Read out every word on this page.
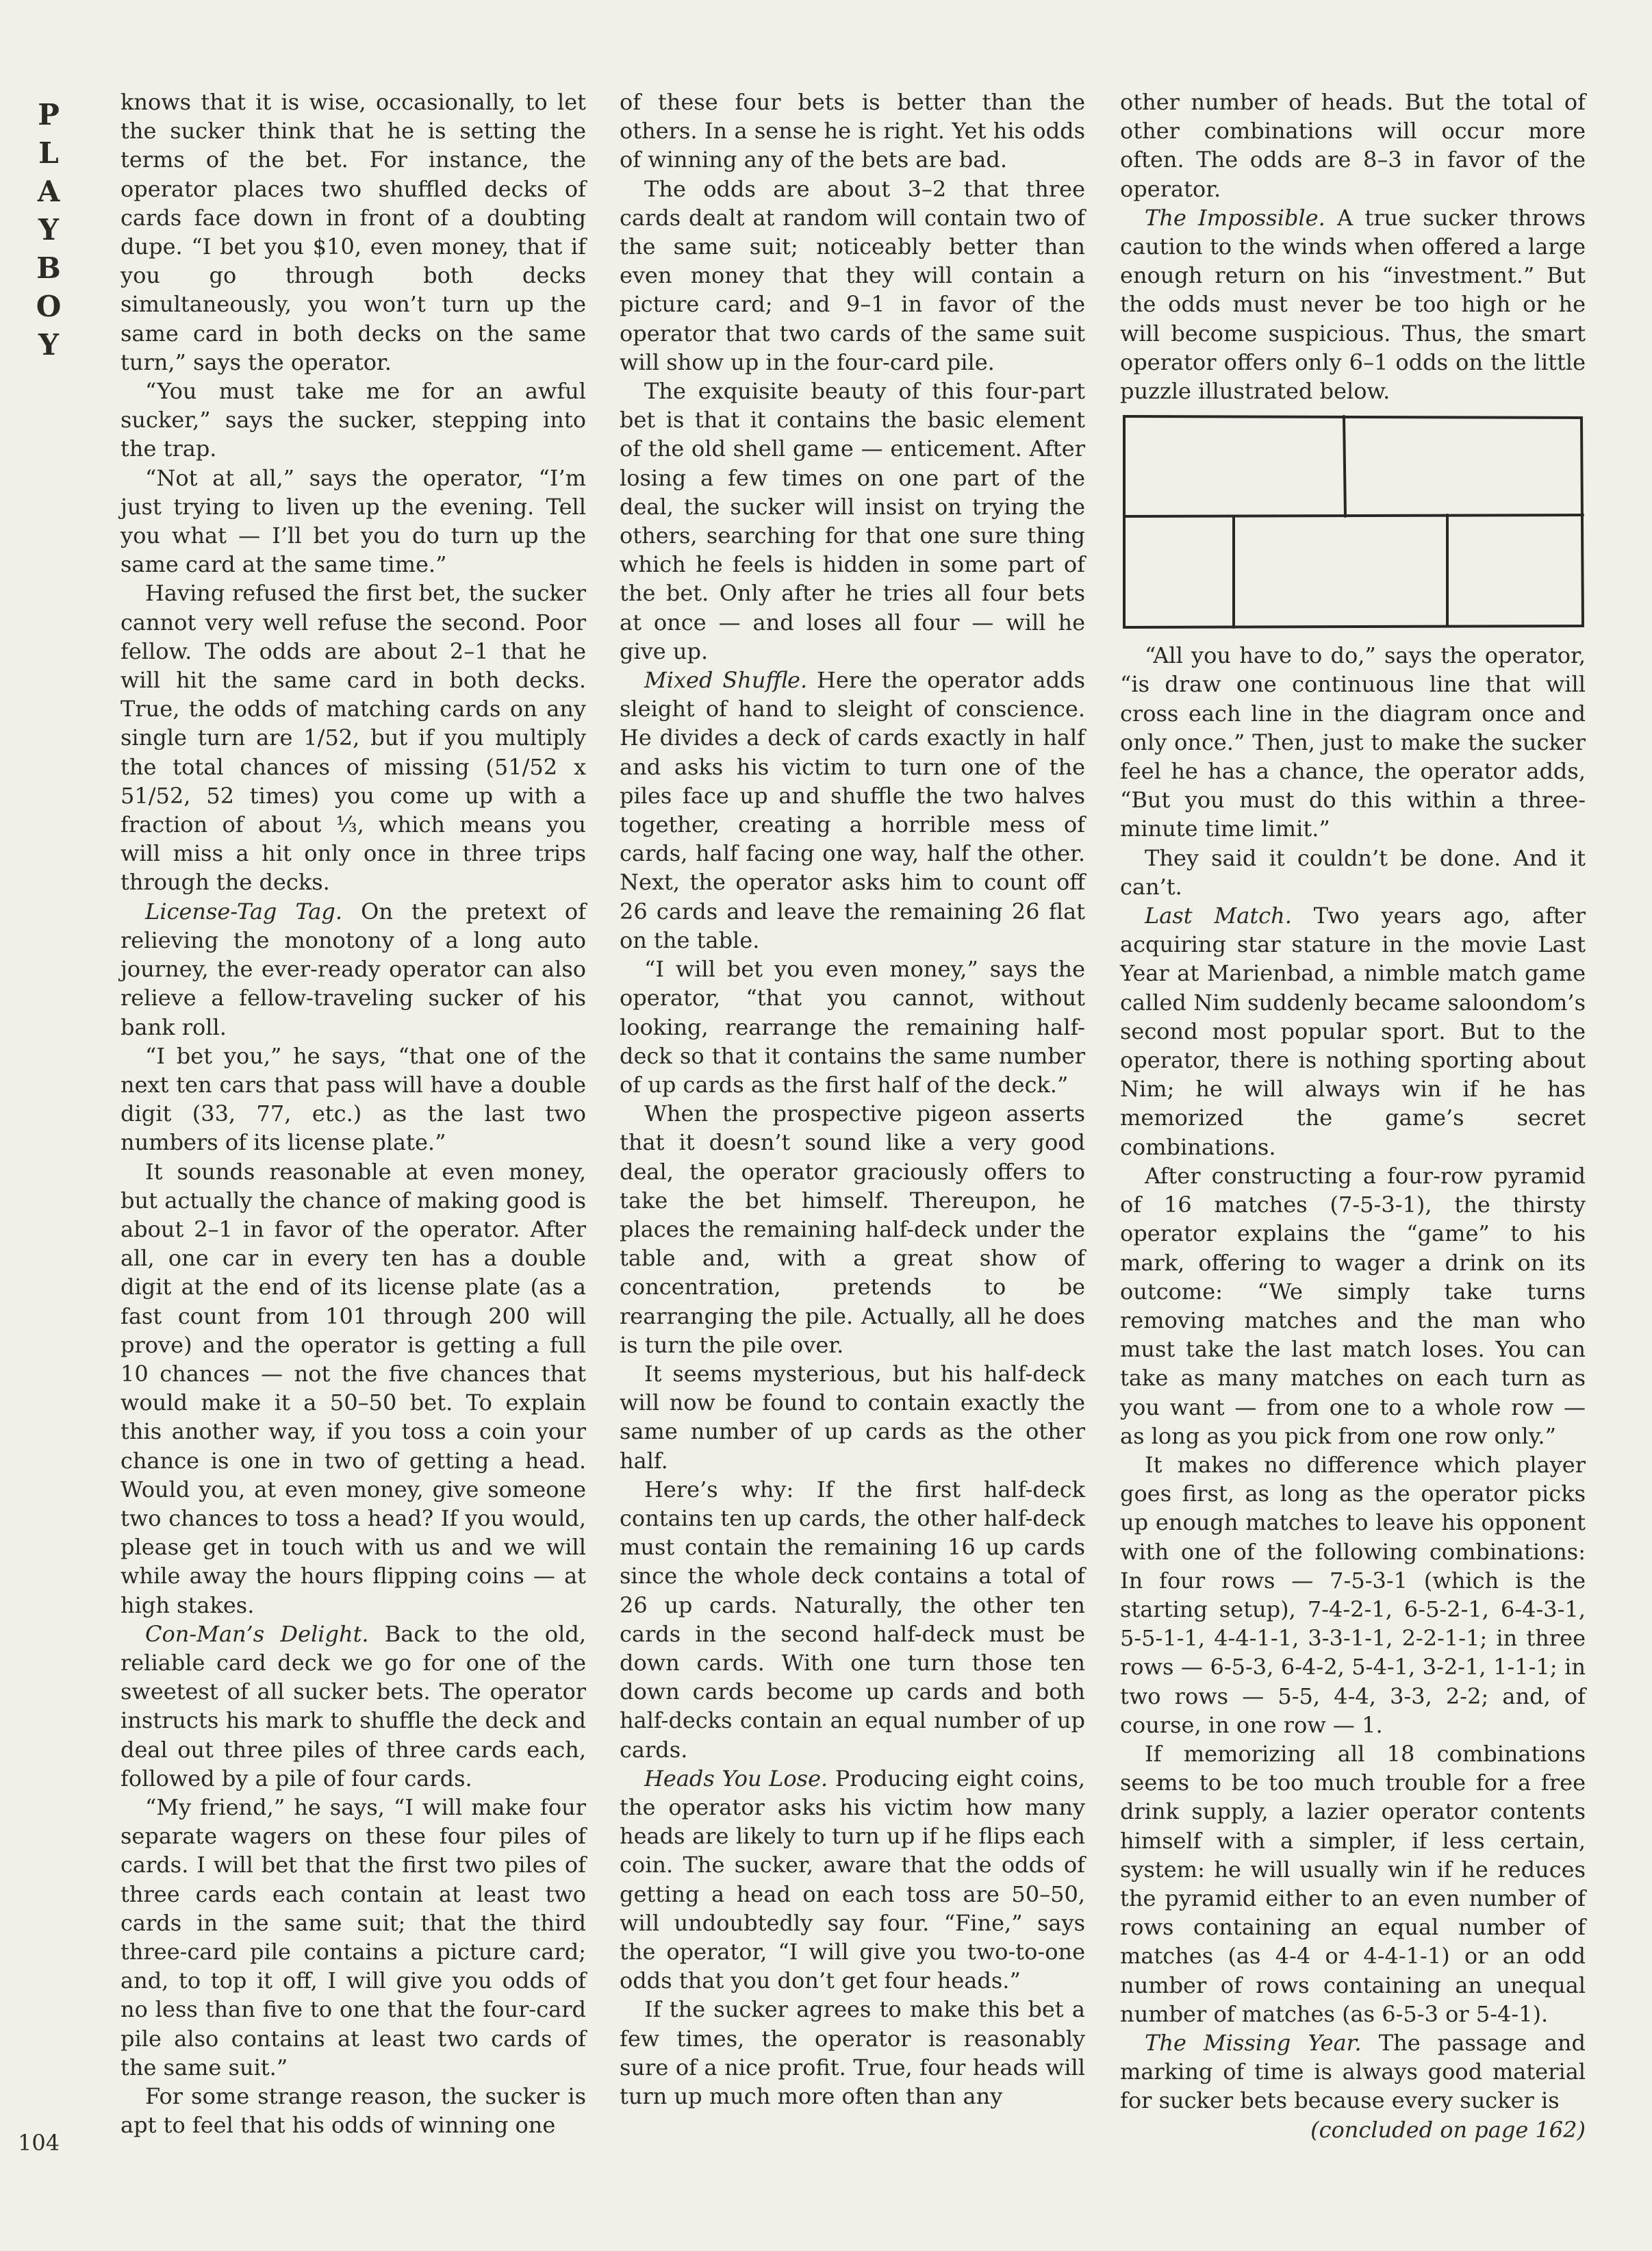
P
L
A
Y
B
O
Y
104

knows that it is wise, occasionally, to let the sucker think that he is setting the terms of the bet. For instance, the operator places two shuffled decks of cards face down in front of a doubting dupe. “I bet you $10, even money, that if you go through both decks simultaneously, you won’t turn up the same card in both decks on the same turn,” says the operator.

“You must take me for an awful sucker,” says the sucker, stepping into the trap.

“Not at all,” says the operator, “I’m just trying to liven up the evening. Tell you what — I’ll bet you do turn up the same card at the same time.”

Having refused the first bet, the sucker cannot very well refuse the second. Poor fellow. The odds are about 2–1 that he will hit the same card in both decks. True, the odds of matching cards on any single turn are 1/52, but if you multiply the total chances of missing (51/52 x 51/52, 52 times) you come up with a fraction of about ⅓, which means you will miss a hit only once in three trips through the decks.

License-Tag Tag. On the pretext of relieving the monotony of a long auto journey, the ever-ready operator can also relieve a fellow-traveling sucker of his bank roll.

“I bet you,” he says, “that one of the next ten cars that pass will have a double digit (33, 77, etc.) as the last two numbers of its license plate.”

It sounds reasonable at even money, but actually the chance of making good is about 2–1 in favor of the operator. After all, one car in every ten has a double digit at the end of its license plate (as a fast count from 101 through 200 will prove) and the operator is getting a full 10 chances — not the five chances that would make it a 50–50 bet. To explain this another way, if you toss a coin your chance is one in two of getting a head. Would you, at even money, give someone two chances to toss a head? If you would, please get in touch with us and we will while away the hours flipping coins — at high stakes.

Con-Man’s Delight. Back to the old, reliable card deck we go for one of the sweetest of all sucker bets. The operator instructs his mark to shuffle the deck and deal out three piles of three cards each, followed by a pile of four cards.

“My friend,” he says, “I will make four separate wagers on these four piles of cards. I will bet that the first two piles of three cards each contain at least two cards in the same suit; that the third three-card pile contains a picture card; and, to top it off, I will give you odds of no less than five to one that the four-card pile also contains at least two cards of the same suit.”

For some strange reason, the sucker is apt to feel that his odds of winning one

of these four bets is better than the others. In a sense he is right. Yet his odds of winning any of the bets are bad.

The odds are about 3–2 that three cards dealt at random will contain two of the same suit; noticeably better than even money that they will contain a picture card; and 9–1 in favor of the operator that two cards of the same suit will show up in the four-card pile.

The exquisite beauty of this four-part bet is that it contains the basic element of the old shell game — enticement. After losing a few times on one part of the deal, the sucker will insist on trying the others, searching for that one sure thing which he feels is hidden in some part of the bet. Only after he tries all four bets at once — and loses all four — will he give up.

Mixed Shuffle. Here the operator adds sleight of hand to sleight of conscience. He divides a deck of cards exactly in half and asks his victim to turn one of the piles face up and shuffle the two halves together, creating a horrible mess of cards, half facing one way, half the other. Next, the operator asks him to count off 26 cards and leave the remaining 26 flat on the table.

“I will bet you even money,” says the operator, “that you cannot, without looking, rearrange the remaining half-deck so that it contains the same number of up cards as the first half of the deck.”

When the prospective pigeon asserts that it doesn’t sound like a very good deal, the operator graciously offers to take the bet himself. Thereupon, he places the remaining half-deck under the table and, with a great show of concentration, pretends to be rearranging the pile. Actually, all he does is turn the pile over.

It seems mysterious, but his half-deck will now be found to contain exactly the same number of up cards as the other half.

Here’s why: If the first half-deck contains ten up cards, the other half-deck must contain the remaining 16 up cards since the whole deck contains a total of 26 up cards. Naturally, the other ten cards in the second half-deck must be down cards. With one turn those ten down cards become up cards and both half-decks contain an equal number of up cards.

Heads You Lose. Producing eight coins, the operator asks his victim how many heads are likely to turn up if he flips each coin. The sucker, aware that the odds of getting a head on each toss are 50–50, will undoubtedly say four. “Fine,” says the operator, “I will give you two-to-one odds that you don’t get four heads.”

If the sucker agrees to make this bet a few times, the operator is reasonably sure of a nice profit. True, four heads will turn up much more often than any

other number of heads. But the total of other combinations will occur more often. The odds are 8–3 in favor of the operator.

The Impossible. A true sucker throws caution to the winds when offered a large enough return on his “investment.” But the odds must never be too high or he will become suspicious. Thus, the smart operator offers only 6–1 odds on the little puzzle illustrated below.

“All you have to do,” says the operator, “is draw one continuous line that will cross each line in the diagram once and only once.” Then, just to make the sucker feel he has a chance, the operator adds, “But you must do this within a three-minute time limit.”

They said it couldn’t be done. And it can’t.

Last Match. Two years ago, after acquiring star stature in the movie Last Year at Marienbad, a nimble match game called Nim suddenly became saloondom’s second most popular sport. But to the operator, there is nothing sporting about Nim; he will always win if he has memorized the game’s secret combinations.

After constructing a four-row pyramid of 16 matches (7-5-3-1), the thirsty operator explains the “game” to his mark, offering to wager a drink on its outcome: “We simply take turns removing matches and the man who must take the last match loses. You can take as many matches on each turn as you want — from one to a whole row — as long as you pick from one row only.”

It makes no difference which player goes first, as long as the operator picks up enough matches to leave his opponent with one of the following combinations: In four rows — 7-5-3-1 (which is the starting setup), 7-4-2-1, 6-5-2-1, 6-4-3-1, 5-5-1-1, 4-4-1-1, 3-3-1-1, 2-2-1-1; in three rows — 6-5-3, 6-4-2, 5-4-1, 3-2-1, 1-1-1; in two rows — 5-5, 4-4, 3-3, 2-2; and, of course, in one row — 1.

If memorizing all 18 combinations seems to be too much trouble for a free drink supply, a lazier operator contents himself with a simpler, if less certain, system: he will usually win if he reduces the pyramid either to an even number of rows containing an equal number of matches (as 4-4 or 4-4-1-1) or an odd number of rows containing an unequal number of matches (as 6-5-3 or 5-4-1).

The Missing Year. The passage and marking of time is always good material for sucker bets because every sucker is

(concluded on page 162)
